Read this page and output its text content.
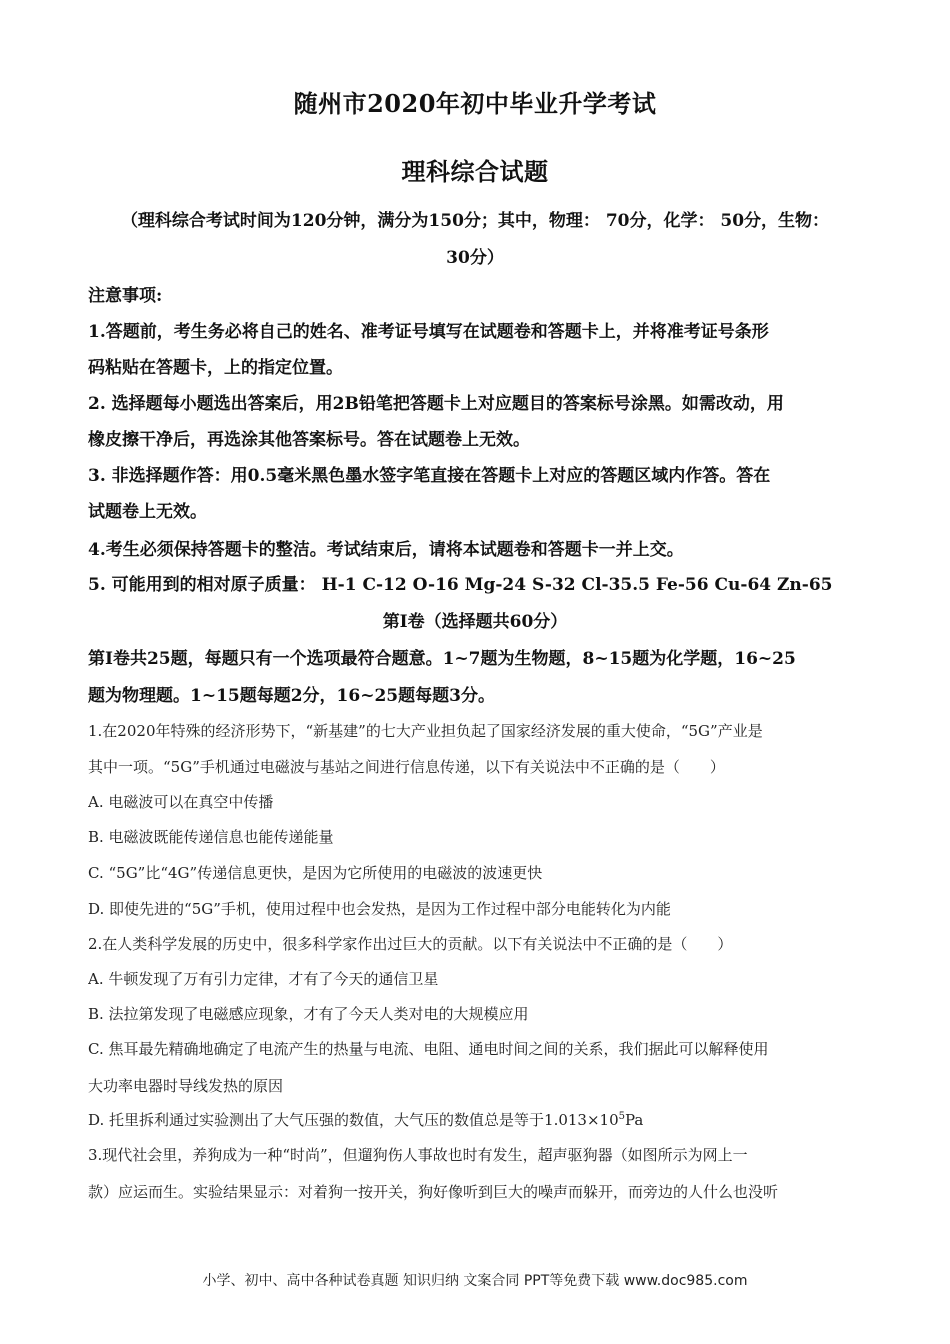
随州市2020年初中毕业升学考试
理科综合试题
（理科综合考试时间为120分钟，满分为150分；其中，物理： 70分，化学： 50分，生物：
30分）
注意事项:
1.答题前，考生务必将自己的姓名、准考证号填写在试题卷和答题卡上，并将准考证号条形
码粘贴在答题卡，上的指定位置。
2. 选择题每小题选出答案后，用2B铅笔把答题卡上对应题目的答案标号涂黑。如需改动，用
橡皮擦干净后，再选涂其他答案标号。答在试题卷上无效。
3. 非选择题作答：用0.5毫米黑色墨水签字笔直接在答题卡上对应的答题区域内作答。答在
试题卷上无效。
4.考生必须保持答题卡的整洁。考试结束后，请将本试题卷和答题卡一并上交。
5. 可能用到的相对原子质量： H-1 C-12 O-16 Mg-24 S-32 Cl-35.5 Fe-56 Cu-64 Zn-65
第I卷（选择题共60分）
第I卷共25题，每题只有一个选项最符合题意。1~7题为生物题，8~15题为化学题，16~25
题为物理题。1~15题每题2分，16~25题每题3分。
1.在2020年特殊的经济形势下，“新基建”的七大产业担负起了国家经济发展的重大使命，“5G”产业是
其中一项。“5G”手机通过电磁波与基站之间进行信息传递，以下有关说法中不正确的是（　　）
A. 电磁波可以在真空中传播
B. 电磁波既能传递信息也能传递能量
C. “5G”比“4G”传递信息更快，是因为它所使用的电磁波的波速更快
D. 即使先进的“5G”手机，使用过程中也会发热，是因为工作过程中部分电能转化为内能
2.在人类科学发展的历史中，很多科学家作出过巨大的贡献。以下有关说法中不正确的是（　　）
A. 牛顿发现了万有引力定律，才有了今天的通信卫星
B. 法拉第发现了电磁感应现象，才有了今天人类对电的大规模应用
C. 焦耳最先精确地确定了电流产生的热量与电流、电阻、通电时间之间的关系，我们据此可以解释使用
大功率电器时导线发热的原因
D. 托里拆利通过实验测出了大气压强的数值，大气压的数值总是等于$1.013\times 10^5Pa$
3.现代社会里，养狗成为一种“时尚”，但遛狗伤人事故也时有发生，超声驱狗器（如图所示为网上一
款）应运而生。实验结果显示：对着狗一按开关，狗好像听到巨大的噪声而躲开，而旁边的人什么也没听
小学、初中、高中各种试卷真题 知识归纳 文案合同 PPT等免费下载 www.doc985.com
